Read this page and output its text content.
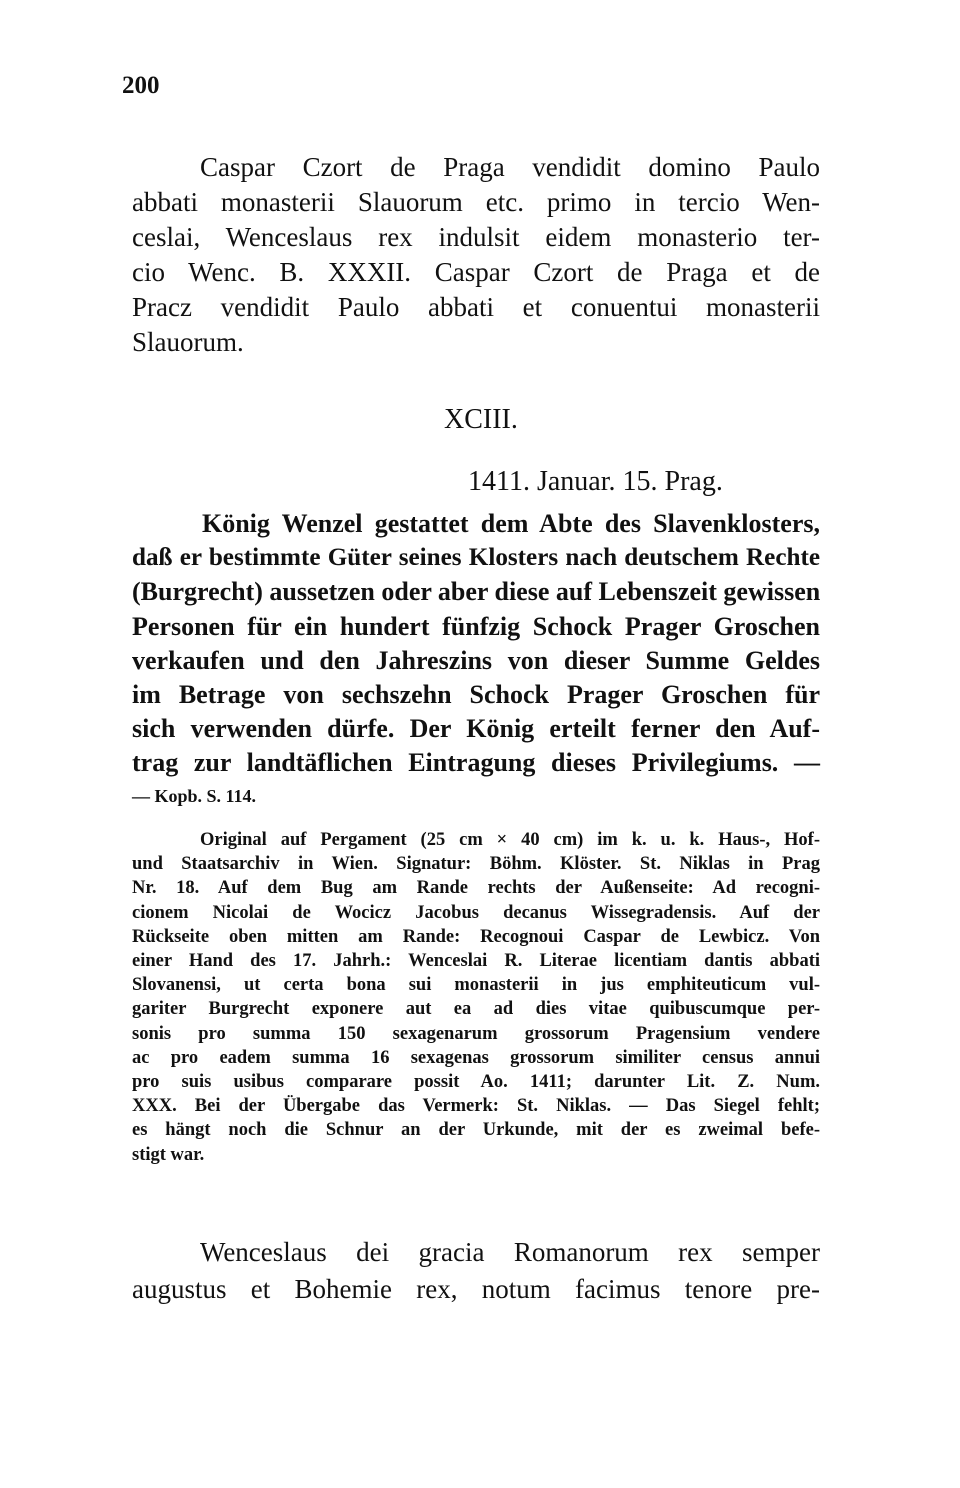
200
Caspar Czort de Praga vendidit domino Paulo
abbati monasterii Slauorum etc. primo in tercio Wen-
ceslai, Wenceslaus rex indulsit eidem monasterio ter-
cio Wenc. B. XXXII. Caspar Czort de Praga et de
Pracz vendidit Paulo abbati et conuentui monasterii
Slauorum.
XCIII.
1411. Januar. 15. Prag.
König Wenzel gestattet dem Abte des Slavenklosters,
daß er bestimmte Güter seines Klosters nach deutschem Rechte
(Burgrecht) aussetzen oder aber diese auf Lebenszeit gewissen
Personen für ein hundert fünfzig Schock Prager Groschen
verkaufen und den Jahreszins von dieser Summe Geldes
im Betrage von sechszehn Schock Prager Groschen für
sich verwenden dürfe. Der König erteilt ferner den Auf-
trag zur landtäflichen Eintragung dieses Privilegiums. —
— Kopb. S. 114.
Original auf Pergament (25 cm × 40 cm) im k. u. k. Haus-, Hof-
und Staatsarchiv in Wien. Signatur: Böhm. Klöster. St. Niklas in Prag
Nr. 18. Auf dem Bug am Rande rechts der Außenseite: Ad recogni-
cionem Nicolai de Wocicz Jacobus decanus Wissegradensis. Auf der
Rückseite oben mitten am Rande: Recognoui Caspar de Lewbicz. Von
einer Hand des 17. Jahrh.: Wenceslai R. Literae licentiam dantis abbati
Slovanensi, ut certa bona sui monasterii in jus emphiteuticum vul-
gariter Burgrecht exponere aut ea ad dies vitae quibuscumque per-
sonis pro summa 150 sexagenarum grossorum Pragensium vendere
ac pro eadem summa 16 sexagenas grossorum similiter census annui
pro suis usibus comparare possit Ao. 1411; darunter Lit. Z. Num.
XXX. Bei der Übergabe das Vermerk: St. Niklas. — Das Siegel fehlt;
es hängt noch die Schnur an der Urkunde, mit der es zweimal befe-
stigt war.
Wenceslaus dei gracia Romanorum rex semper
augustus et Bohemie rex, notum facimus tenore pre-
